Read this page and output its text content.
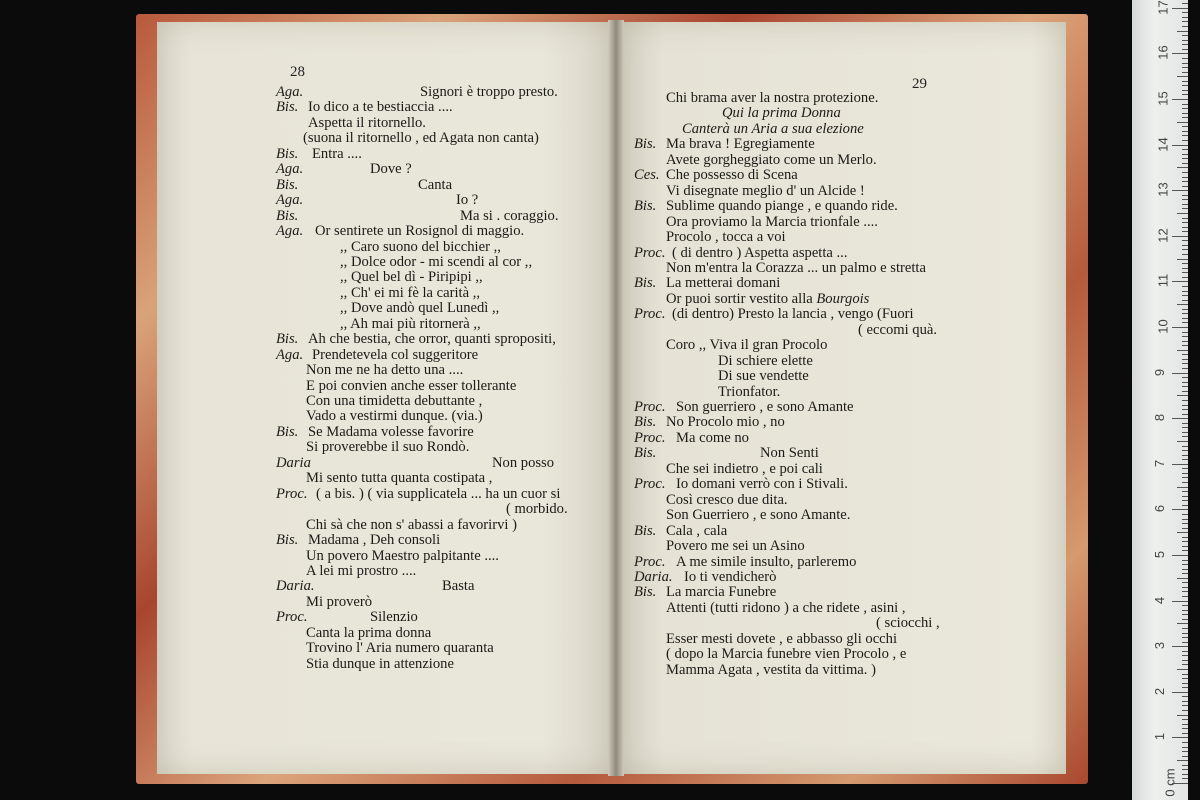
28
29
Aga.	Signori è troppo presto.
Bis. Io dico a te bestiaccia ....
Aspetta il ritornello.
(suona il ritornello , ed Agata non canta)
Bis. Entra ....
Aga.	Dove ?
Bis.	Canta
Aga.	Io ?
Bis.	Ma si . coraggio.
Aga. Or sentirete un Rosignol di maggio.
,, Caro suono del bicchier ,,
,, Dolce odor - mi scendi al cor ,,
,, Quel bel dì - Piripipi ,,
,, Ch' ei mi fè la carità ,,
,, Dove andò quel Lunedì ,,
,, Ah mai più ritornerà ,,
Bis. Ah che bestia, che orror, quanti spropositi,
Aga. Prendetevela col suggeritore
Non me ne ha detto una ....
E poi convien anche esser tollerante
Con una timidetta debuttante ,
Vado a vestirmi dunque. (via.)
Bis. Se Madama volesse favorire
Si proverebbe il suo Rondò.
Daria	Non posso
Mi sento tutta quanta costipata ,
Proc. ( a bis. ) ( via supplicatela ... ha un cuor si
( morbido.
Chi sà che non s' abassi a favorirvi )
Bis. Madama , Deh consoli
Un povero Maestro palpitante ....
A lei mi prostro ....
Daria.	Basta
Mi proverò
Proc.	Silenzio
Canta la prima donna
Trovino l' Aria numero quaranta
Stia dunque in attenzione
Chi brama aver la nostra protezione.
Qui la prima Donna
Canterà un Aria a sua elezione
Bis. Ma brava ! Egregiamente
Avete gorgheggiato come un Merlo.
Ces. Che possesso di Scena
Vi disegnate meglio d' un Alcide !
Bis. Sublime quando piange , e quando ride.
Ora proviamo la Marcia trionfale ....
Procolo , tocca a voi
Proc. ( di dentro ) Aspetta aspetta ...
Non m'entra la Corazza ... un palmo e stretta
Bis. La metterai domani
Or puoi sortir vestito alla Bourgois
Proc. (di dentro) Presto la lancia , vengo (Fuori
( eccomi quà.
Coro ,, Viva il gran Procolo
Di schiere elette
Di sue vendette
Trionfator.
Proc. Son guerriero , e sono Amante
Bis. No Procolo mio , no
Proc. Ma come no
Bis.	Non Senti
Che sei indietro , e poi cali
Proc. Io domani verrò con i Stivali.
Così cresco due dita.
Son Guerriero , e sono Amante.
Bis. Cala , cala
Povero me sei un Asino
Proc. A me simile insulto, parleremo
Daria. Io ti vendicherò
Bis. La marcia Funebre
Attenti (tutti ridono ) a che ridete , asini ,
( sciocchi ,
Esser mesti dovete , e abbasso gli occhi
( dopo la Marcia funebre vien Procolo , e
Mamma Agata , vestita da vittima. )
0 cm
1
2
3
4
5
6
7
8
9
10
11
12
13
14
15
16
17
